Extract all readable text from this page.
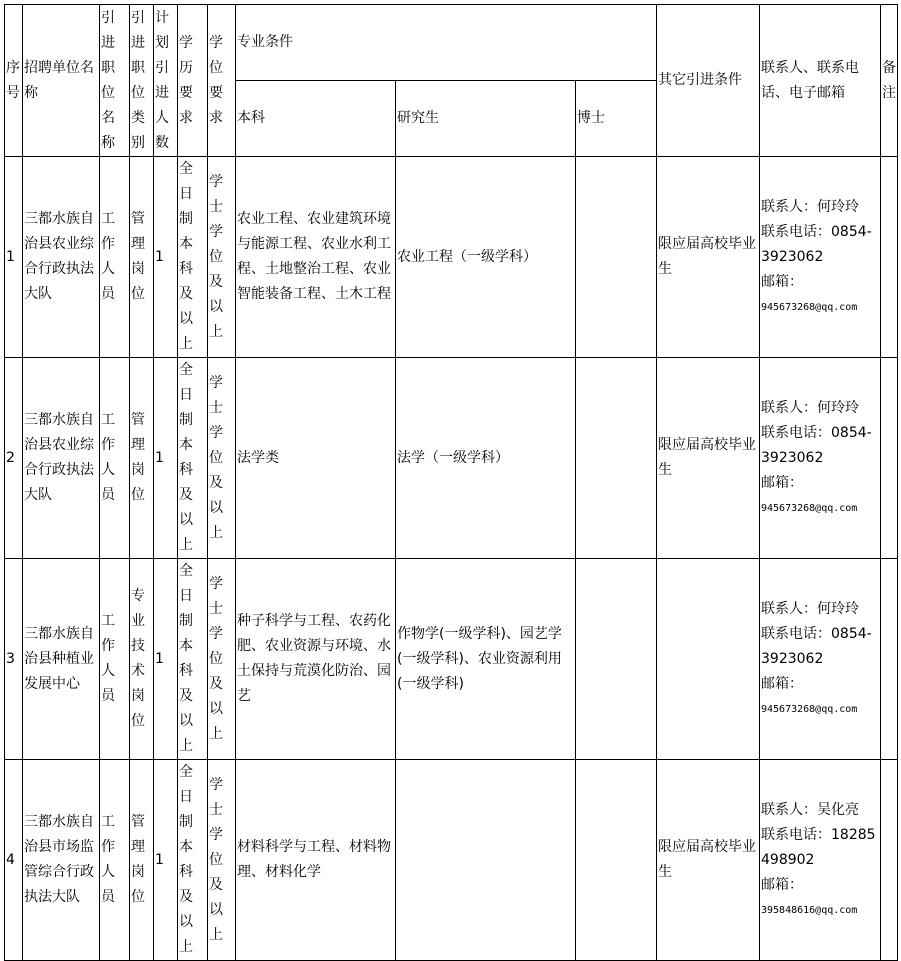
序号	招聘单位名称	引进职位名称	引进职位类别	计划引进人数	学历要求	学位要求	专业条件			其它引进条件	联系人、联系电话、电子邮箱	备注
							本科	研究生	博士			
1	三都水族自治县农业综合行政执法大队	工作人员	管理岗位	1	全日制本科及以上	学士学位及以上	农业工程、农业建筑环境与能源工程、农业水利工程、土地整治工程、农业智能装备工程、土木工程	农业工程（一级学科）		限应届高校毕业生	联系人：何玲玲
联系电话：0854-3923062
邮箱：
945673268@qq.com	

2	三都水族自治县农业综合行政执法大队	工作人员	管理岗位	1	全日制本科及以上	学士学位及以上	法学类	法学（一级学科）		限应届高校毕业生	联系人：何玲玲
联系电话：0854-3923062
邮箱：
945673268@qq.com	

3	三都水族自治县种植业发展中心	工作人员	专业技术岗位	1	全日制本科及以上	学士学位及以上	种子科学与工程、农药化肥、农业资源与环境、水土保持与荒漠化防治、园艺	作物学(一级学科)、园艺学(一级学科)、农业资源利用(一级学科)			联系人：何玲玲
联系电话：0854-3923062
邮箱：
945673268@qq.com	

4	三都水族自治县市场监管综合行政执法大队	工作人员	管理岗位	1	全日制本科及以上	学士学位及以上	材料科学与工程、材料物理、材料化学			限应届高校毕业生	联系人：吴化亮
联系电话：18285498902
邮箱：
395848616@qq.com	
